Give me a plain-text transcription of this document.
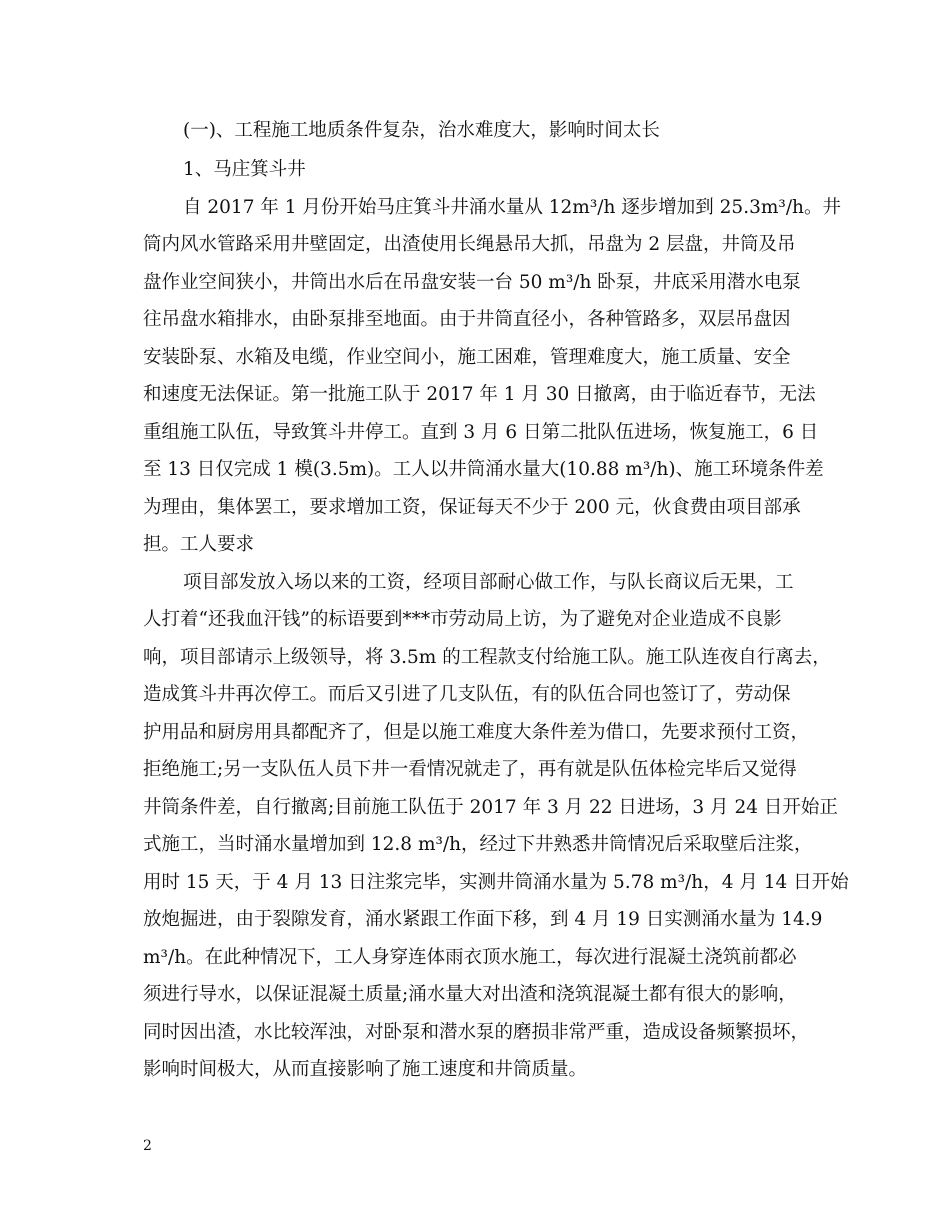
(一)、工程施工地质条件复杂，治水难度大，影响时间太长
1、马庄箕斗井
自 2017 年 1 月份开始马庄箕斗井涌水量从 12m³/h 逐步增加到 25.3m³/h。井
筒内风水管路采用井壁固定，出渣使用长绳悬吊大抓，吊盘为 2 层盘，井筒及吊
盘作业空间狭小，井筒出水后在吊盘安装一台 50 m³/h 卧泵，井底采用潜水电泵
往吊盘水箱排水，由卧泵排至地面。由于井筒直径小，各种管路多，双层吊盘因
安装卧泵、水箱及电缆，作业空间小，施工困难，管理难度大，施工质量、安全
和速度无法保证。第一批施工队于 2017 年 1 月 30 日撤离，由于临近春节，无法
重组施工队伍，导致箕斗井停工。直到 3 月 6 日第二批队伍进场，恢复施工，6 日
至 13 日仅完成 1 模(3.5m)。工人以井筒涌水量大(10.88 m³/h)、施工环境条件差
为理由，集体罢工，要求增加工资，保证每天不少于 200 元，伙食费由项目部承
担。工人要求
项目部发放入场以来的工资，经项目部耐心做工作，与队长商议后无果，工
人打着“还我血汗钱”的标语要到***市劳动局上访，为了避免对企业造成不良影
响，项目部请示上级领导，将 3.5m 的工程款支付给施工队。施工队连夜自行离去，
造成箕斗井再次停工。而后又引进了几支队伍，有的队伍合同也签订了，劳动保
护用品和厨房用具都配齐了，但是以施工难度大条件差为借口，先要求预付工资，
拒绝施工;另一支队伍人员下井一看情况就走了，再有就是队伍体检完毕后又觉得
井筒条件差，自行撤离;目前施工队伍于 2017 年 3 月 22 日进场，3 月 24 日开始正
式施工，当时涌水量增加到 12.8 m³/h，经过下井熟悉井筒情况后采取壁后注浆，
用时 15 天，于 4 月 13 日注浆完毕，实测井筒涌水量为 5.78 m³/h，4 月 14 日开始
放炮掘进，由于裂隙发育，涌水紧跟工作面下移，到 4 月 19 日实测涌水量为 14.9
m³/h。在此种情况下，工人身穿连体雨衣顶水施工，每次进行混凝土浇筑前都必
须进行导水，以保证混凝土质量;涌水量大对出渣和浇筑混凝土都有很大的影响，
同时因出渣，水比较浑浊，对卧泵和潜水泵的磨损非常严重，造成设备频繁损坏，
影响时间极大，从而直接影响了施工速度和井筒质量。
2
